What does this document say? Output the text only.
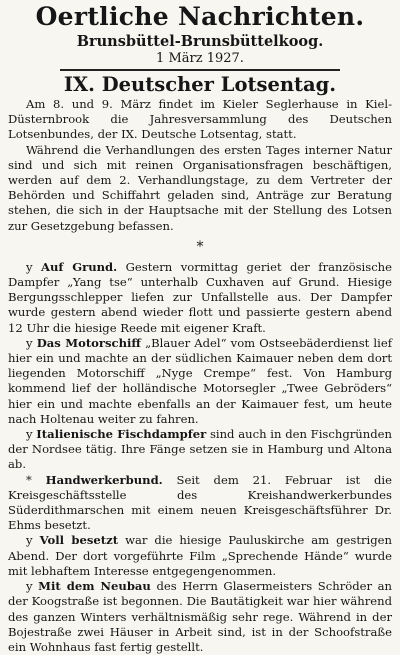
Oertliche Nachrichten.
Brunsbüttel-Brunsbüttelkoog.
1 März 1927.
IX. Deutscher Lotsentag.

Am 8. und 9. März findet im Kieler Seglerhause in Kiel-Düsternbrook die Jahresversammlung des Deutschen Lotsenbundes, der IX. Deutsche Lotsentag, statt.

Während die Verhandlungen des ersten Tages interner Natur sind und sich mit reinen Organisationsfragen beschäftigen, werden auf dem 2. Verhandlungstage, zu dem Vertreter der Behörden und Schiffahrt geladen sind, Anträge zur Beratung stehen, die sich in der Hauptsache mit der Stellung des Lotsen zur Gesetzgebung befassen.

*

y Auf Grund. Gestern vormittag geriet der französische Dampfer „Yang tse“ unterhalb Cuxhaven auf Grund. Hiesige Bergungsschlepper liefen zur Unfallstelle aus. Der Dampfer wurde gestern abend wieder flott und passierte gestern abend 12 Uhr die hiesige Reede mit eigener Kraft.

y Das Motorschiff „Blauer Adel“ vom Ostseebäderdienst lief hier ein und machte an der südlichen Kaimauer neben dem dort liegenden Motorschiff „Nyge Crempe“ fest. Von Hamburg kommend lief der holländische Motorsegler „Twee Gebröders“ hier ein und machte ebenfalls an der Kaimauer fest, um heute nach Holtenau weiter zu fahren.

y Italienische Fischdampfer sind auch in den Fischgründen der Nordsee tätig. Ihre Fänge setzen sie in Hamburg und Altona ab.

* Handwerkerbund. Seit dem 21. Februar ist die Kreisgeschäftsstelle des Kreishandwerkerbundes Süderdithmarschen mit einem neuen Kreisgeschäftsführer Dr. Ehms besetzt.

y Voll besetzt war die hiesige Pauluskirche am gestrigen Abend. Der dort vorgeführte Film „Sprechende Hände“ wurde mit lebhaftem Interesse entgegengenommen.

y Mit dem Neubau des Herrn Glasermeisters Schröder an der Koogstraße ist begonnen. Die Bautätigkeit war hier während des ganzen Winters verhältnismäßig sehr rege. Während in der Bojestraße zwei Häuser in Arbeit sind, ist in der Schoofstraße ein Wohnhaus fast fertig gestellt.
